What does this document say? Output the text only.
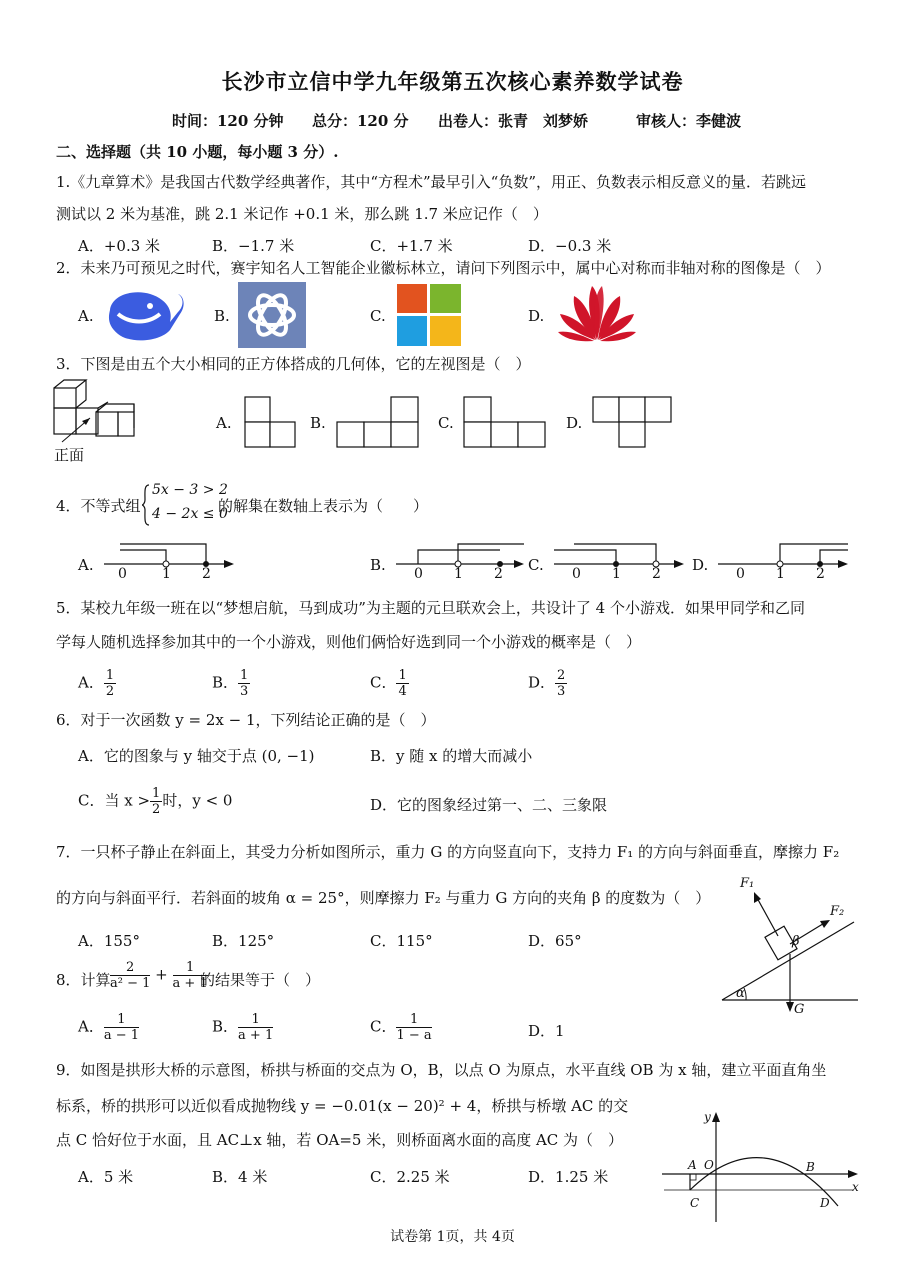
长沙市立信中学九年级第五次核心素养数学试卷
时间：120 分钟 总分：120 分 出卷人：张青　刘梦娇	审核人：李健波
二、选择题（共 10 小题，每小题 3 分）.
1.《九章算术》是我国古代数学经典著作，其中“方程术”最早引入“负数”，用正、负数表示相反意义的量．若跳远
测试以 2 米为基准，跳 2.1 米记作 +0.1 米，那么跳 1.7 米应记作（　）
A．+0.3 米	B．−1.7 米	C．+1.7 米	D．−0.3 米
2．未来乃可预见之时代，赛宇知名人工智能企业徽标林立，请问下列图示中，属中心对称而非轴对称的图像是（　）
A.	B.	C.	D.
3．下图是由五个大小相同的正方体搭成的几何体，它的左视图是（　）
正面
A.	B.	C.	D.
4．不等式组
5x − 3 > 2
4 − 2x ≤ 0
的解集在数轴上表示为（　　）
A. 0	1 2	B. 0 1 2 C. 0 1 2 D. 0 1 2
5．某校九年级一班在以“梦想启航，马到成功”为主题的元旦联欢会上，共设计了 4 个小游戏．如果甲同学和乙同
学每人随机选择参加其中的一个小游戏，则他们俩恰好选到同一个小游戏的概率是（　）
A． $\frac{1}{2}$	B． $\frac{1}{3}$	C． $\frac{1}{4}$	D． $\frac{2}{3}$
6．对于一次函数 y = 2x − 1，下列结论正确的是（　）
A．它的图象与 y 轴交于点 (0, −1)	B．y 随 x 的增大而减小
C．当 $x > \frac{1}{2}$ 时，y < 0	D．它的图象经过第一、二、三象限
7．一只杯子静止在斜面上，其受力分析如图所示，重力 G 的方向竖直向下，支持力 F₁ 的方向与斜面垂直，摩擦力 F₂
的方向与斜面平行．若斜面的坡角 α = 25°，则摩擦力 F₂ 与重力 G 方向的夹角 β 的度数为（　）
A．155°	B．125°	C．115°	D．65°
F₁
F₂
β
α
G
8．计算 $\frac{2}{\text{a² − 1}} + \frac{1}{a + 1}$
的结果等于（　）
A． $\frac{1}{a - 1}$	B． $\frac{1}{a + 1}$	C． $\frac{1}{1 - a}$	D．1
9．如图是拱形大桥的示意图，桥拱与桥面的交点为 O，B，以点 O 为原点，水平直线 OB 为 x 轴，建立平面直角坐
标系，桥的拱形可以近似看成抛物线 y = −0.01(x − 20)² + 4，桥拱与桥墩 AC 的交
点 C 恰好位于水面，且 AC⊥x 轴，若 OA=5 米，则桥面离水面的高度 AC 为（　）
A．5 米	B．4 米	C．2.25 米	D．1.25 米
y
x
A O	B
C	D
试卷第 1页，共 4页
